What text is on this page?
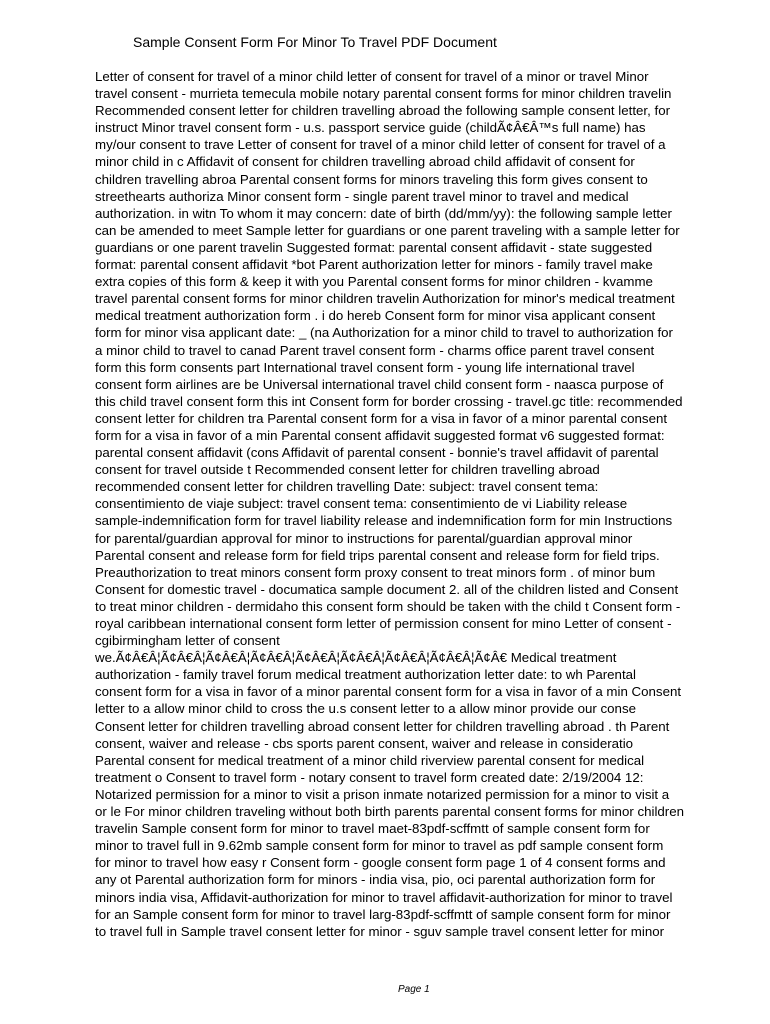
Sample Consent Form For Minor To Travel PDF Document
Letter of consent for travel of a minor child letter of consent for travel of a minor or travel Minor
travel consent - murrieta temecula mobile notary parental consent forms for minor children travelin
Recommended consent letter for children travelling abroad the following sample consent letter, for
instruct Minor travel consent form - u.s. passport service guide (childÃ¢Â€Â™s full name) has
my/our consent to trave Letter of consent for travel of a minor child letter of consent for travel of a
minor child in c Affidavit of consent for children travelling abroad child affidavit of consent for
children travelling abroa Parental consent forms for minors traveling this form gives consent to
streethearts authoriza Minor consent form - single parent travel minor to travel and medical
authorization. in witn To whom it may concern: date of birth (dd/mm/yy): the following sample letter
can be amended to meet Sample letter for guardians or one parent traveling with a sample letter for
guardians or one parent travelin Suggested format: parental consent affidavit - state suggested
format: parental consent affidavit *bot Parent authorization letter for minors - family travel make
extra copies of this form & keep it with you Parental consent forms for minor children - kvamme
travel parental consent forms for minor children travelin Authorization for minor's medical treatment
medical treatment authorization form . i do hereb Consent form for minor visa applicant consent
form for minor visa applicant date: _ (na Authorization for a minor child to travel to authorization for
a minor child to travel to canad Parent travel consent form - charms office parent travel consent
form this form consents part International travel consent form - young life international travel
consent form airlines are be Universal international travel child consent form - naasca purpose of
this child travel consent form this int Consent form for border crossing - travel.gc title: recommended
consent letter for children tra Parental consent form for a visa in favor of a minor parental consent
form for a visa in favor of a min Parental consent affidavit suggested format v6 suggested format:
parental consent affidavit (cons Affidavit of parental consent - bonnie's travel affidavit of parental
consent for travel outside t Recommended consent letter for children travelling abroad
recommended consent letter for children travelling Date: subject: travel consent tema:
consentimiento de viaje subject: travel consent tema: consentimiento de vi Liability release
sample-indemnification form for travel liability release and indemnification form for min Instructions
for parental/guardian approval for minor to instructions for parental/guardian approval minor
Parental consent and release form for field trips parental consent and release form for field trips.
Preauthorization to treat minors consent form proxy consent to treat minors form . of minor bum
Consent for domestic travel - documatica sample document 2. all of the children listed and Consent
to treat minor children - dermidaho this consent form should be taken with the child t Consent form -
royal caribbean international consent form letter of permission consent for mino Letter of consent -
cgibirmingham letter of consent
we.Ã¢Â€Â¦Ã¢Â€Â¦Ã¢Â€Â¦Ã¢Â€Â¦Ã¢Â€Â¦Ã¢Â€Â¦Ã¢Â€Â¦Ã¢Â€Â¦Ã¢Â€ Medical treatment
authorization - family travel forum medical treatment authorization letter date: to wh Parental
consent form for a visa in favor of a minor parental consent form for a visa in favor of a min Consent
letter to a allow minor child to cross the u.s consent letter to a allow minor provide our conse
Consent letter for children travelling abroad consent letter for children travelling abroad . th Parent
consent, waiver and release - cbs sports parent consent, waiver and release in consideratio
Parental consent for medical treatment of a minor child riverview parental consent for medical
treatment o Consent to travel form - notary consent to travel form created date: 2/19/2004 12:
Notarized permission for a minor to visit a prison inmate notarized permission for a minor to visit a
or le For minor children traveling without both birth parents parental consent forms for minor children
travelin Sample consent form for minor to travel maet-83pdf-scffmtt of sample consent form for
minor to travel full in 9.62mb sample consent form for minor to travel as pdf sample consent form
for minor to travel how easy r Consent form - google consent form page 1 of 4 consent forms and
any ot Parental authorization form for minors - india visa, pio, oci parental authorization form for
minors india visa, Affidavit-authorization for minor to travel affidavit-authorization for minor to travel
for an Sample consent form for minor to travel larg-83pdf-scffmtt of sample consent form for minor
to travel full in Sample travel consent letter for minor - sguv sample travel consent letter for minor
Page 1
